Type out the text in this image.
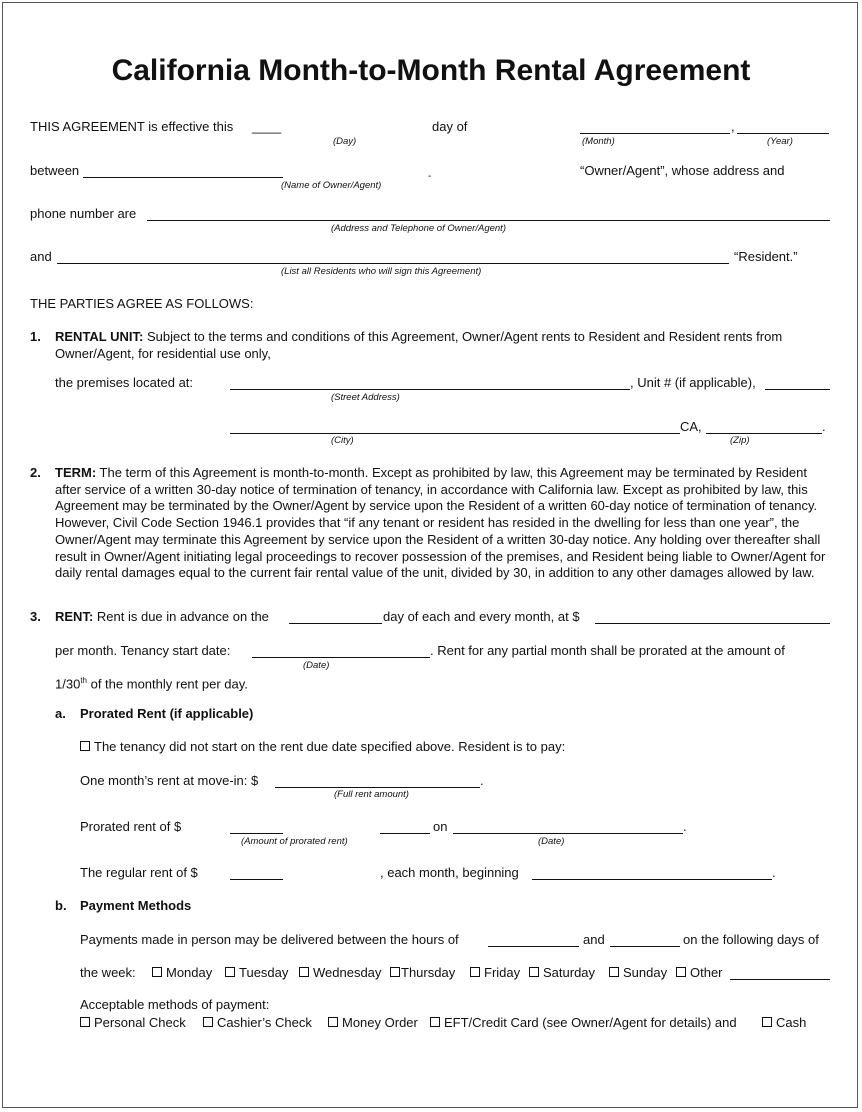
California Month-to-Month Rental Agreement
THIS AGREEMENT is effective this ____	day of	,
(Day)	(Month)	(Year)
between
(Name of Owner/Agent)
-	“Owner/Agent”, whose address and
phone number are
(Address and Telephone of Owner/Agent)
and	“Resident.”
(List all Residents who will sign this Agreement)
THE PARTIES AGREE AS FOLLOWS:
1. RENTAL UNIT: Subject to the terms and conditions of this Agreement, Owner/Agent rents to Resident and Resident rents from Owner/Agent, for residential use only,
the premises located at:	, Unit # (if applicable),
(Street Address)
CA,	.
(City)	(Zip)
2. TERM: The term of this Agreement is month-to-month. Except as prohibited by law, this Agreement may be terminated by Resident after service of a written 30-day notice of termination of tenancy, in accordance with California law. Except as prohibited by law, this Agreement may be terminated by the Owner/Agent by service upon the Resident of a written 60-day notice of termination of tenancy. However, Civil Code Section 1946.1 provides that “if any tenant or resident has resided in the dwelling for less than one year”, the Owner/Agent may terminate this Agreement by service upon the Resident of a written 30-day notice. Any holding over thereafter shall result in Owner/Agent initiating legal proceedings to recover possession of the premises, and Resident being liable to Owner/Agent for daily rental damages equal to the current fair rental value of the unit, divided by 30, in addition to any other damages allowed by law.
3. RENT: Rent is due in advance on the	day of each and every month, at $
per month. Tenancy start date:	. Rent for any partial month shall be prorated at the amount of
(Date)
1/30th of the monthly rent per day.
a. Prorated Rent (if applicable)
The tenancy did not start on the rent due date specified above. Resident is to pay:
One month’s rent at move-in: $	.
(Full rent amount)
Prorated rent of $	on	.
(Amount of prorated rent)	(Date)
The regular rent of $	, each month, beginning	.
b. Payment Methods
Payments made in person may be delivered between the hours of	and	on the following days of
the week:	Monday	Tuesday	Wednesday	Thursday	Friday	Saturday	Sunday	Other
Acceptable methods of payment:
Personal Check	Cashier’s Check	Money Order	EFT/Credit Card (see Owner/Agent for details) and	Cash
